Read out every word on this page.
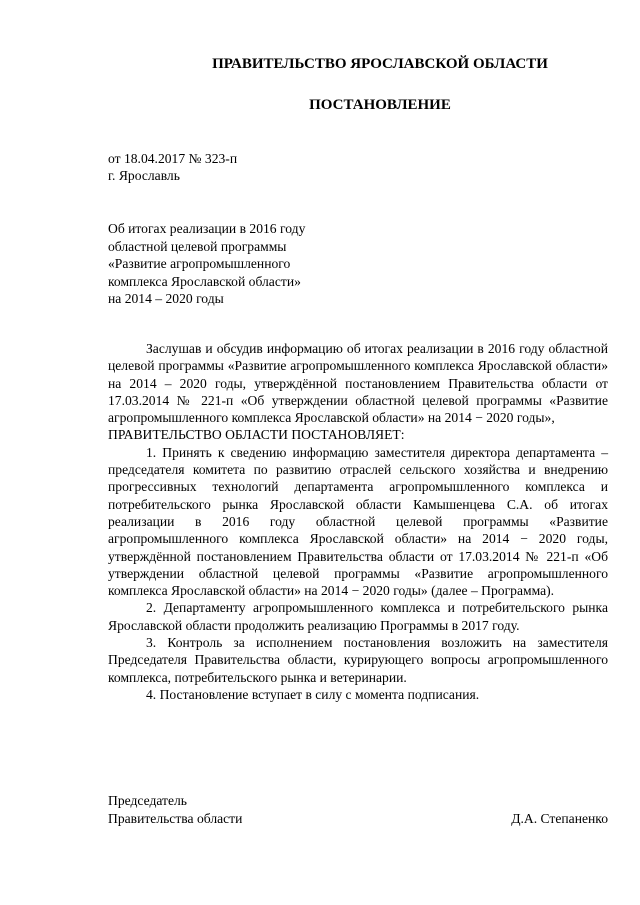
ПРАВИТЕЛЬСТВО ЯРОСЛАВСКОЙ ОБЛАСТИ
ПОСТАНОВЛЕНИЕ
от 18.04.2017 № 323-п
г. Ярославль
Об итогах реализации в 2016 году
областной целевой программы
«Развитие агропромышленного
комплекса Ярославской области»
на 2014 – 2020 годы

Заслушав и обсудив информацию об итогах реализации в 2016 году областной целевой программы «Развитие агропромышленного комплекса Ярославской области» на 2014 – 2020 годы, утверждённой постановлением Правительства области от 17.03.2014 № 221-п «Об утверждении областной целевой программы «Развитие агропромышленного комплекса Ярославской области» на 2014 − 2020 годы»,

ПРАВИТЕЛЬСТВО ОБЛАСТИ ПОСТАНОВЛЯЕТ:

1. Принять к сведению информацию заместителя директора департамента – председателя комитета по развитию отраслей сельского хозяйства и внедрению прогрессивных технологий департамента агропромышленного комплекса и потребительского рынка Ярославской области Камышенцева С.А. об итогах реализации в 2016 году областной целевой программы «Развитие агропромышленного комплекса Ярославской области» на 2014 − 2020 годы, утверждённой постановлением Правительства области от 17.03.2014 № 221-п «Об утверждении областной целевой программы «Развитие агропромышленного комплекса Ярославской области» на 2014 − 2020 годы» (далее – Программа).

2. Департаменту агропромышленного комплекса и потребительского рынка Ярославской области продолжить реализацию Программы в 2017 году.

3. Контроль за исполнением постановления возложить на заместителя Председателя Правительства области, курирующего вопросы агропромышленного комплекса, потребительского рынка и ветеринарии.

4. Постановление вступает в силу с момента подписания.

Председатель
Правительства области	Д.А. Степаненко
